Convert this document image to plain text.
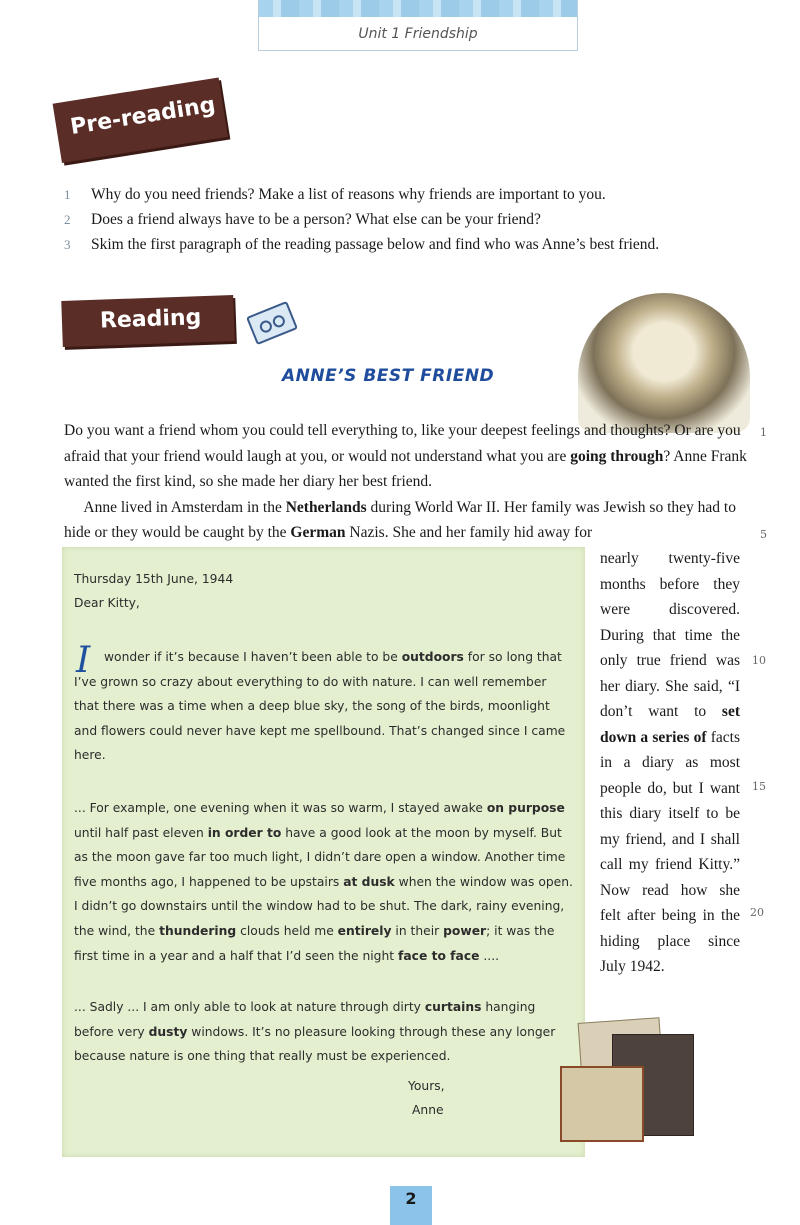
Unit 1 Friendship
Pre-reading
1	Why do you need friends? Make a list of reasons why friends are important to you.
2	Does a friend always have to be a person? What else can be your friend?
3	Skim the first paragraph of the reading passage below and find who was Anne’s best friend.
Reading
ANNE’S BEST FRIEND
Do you want a friend whom you could tell everything to, like your deepest feelings and thoughts? Or are you afraid that your friend would laugh at you, or would not understand what you are going through? Anne Frank wanted the first kind, so she made her diary her best friend.
Anne lived in Amsterdam in the Netherlands during World War II. Her family was Jewish so they had to hide or they would be caught by the German Nazis. She and her family hid away for
1
5
10
15
20
Thursday 15th June, 1944
Dear Kitty,
I	wonder if it’s because I haven’t been able to be outdoors for so long that I’ve grown so crazy about everything to do with nature. I can well remember that there was a time when a deep blue sky, the song of the birds, moonlight and flowers could never have kept me spellbound. That’s changed since I came here.
... For example, one evening when it was so warm, I stayed awake on purpose until half past eleven in order to have a good look at the moon by myself. But as the moon gave far too much light, I didn’t dare open a window. Another time five months ago, I happened to be upstairs at dusk when the window was open. I didn’t go downstairs until the window had to be shut. The dark, rainy evening, the wind, the thundering clouds held me entirely in their power; it was the first time in a year and a half that I’d seen the night face to face ....
... Sadly ... I am only able to look at nature through dirty curtains hanging before very dusty windows. It’s no pleasure looking through these any longer because nature is one thing that really must be experienced.
Yours,
Anne
nearly twenty-five months before they were discovered. During that time the only true friend was her diary. She said, “I don’t want to set down a series of facts in a diary as most people do, but I want this diary itself to be my friend, and I shall call my friend Kitty.” Now read how she felt after being in the hiding place since July 1942.
2
